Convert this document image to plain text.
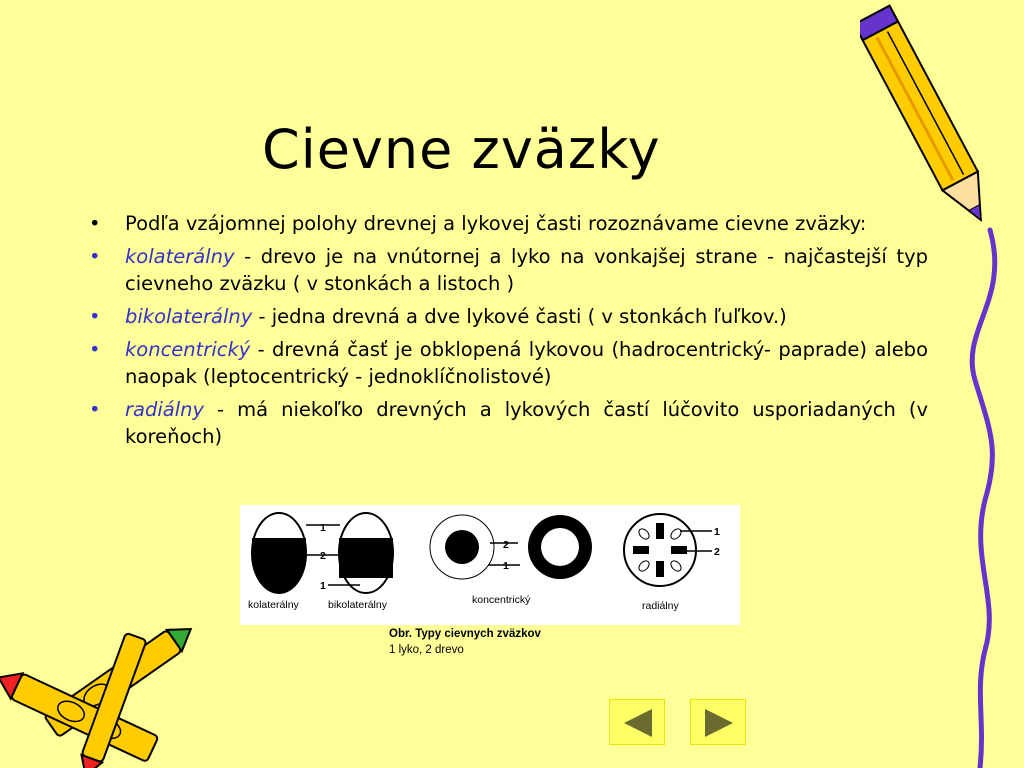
Cievne zväzky
• Podľa vzájomnej polohy drevnej a lykovej časti rozoznávame cievne zväzky:
• kolaterálny - drevo je na vnútornej a lyko na vonkajšej strane - najčastejší typ cievneho zväzku ( v stonkách a listoch )
• bikolaterálny - jedna drevná a dve lykové časti ( v stonkách ľuľkov.)
• koncentrický - drevná časť je obklopená lykovou (hadrocentrický- paprade) alebo naopak (leptocentrický - jednoklíčnolistové)
• radiálny - má niekoľko drevných a lykových častí lúčovito usporiadaných (v koreňoch)
1
2
1
kolaterálny	bikolaterálny
2
1
koncentrický
1
2
radiálny
Obr. Typy cievnych zväzkov
1 lyko, 2 drevo
